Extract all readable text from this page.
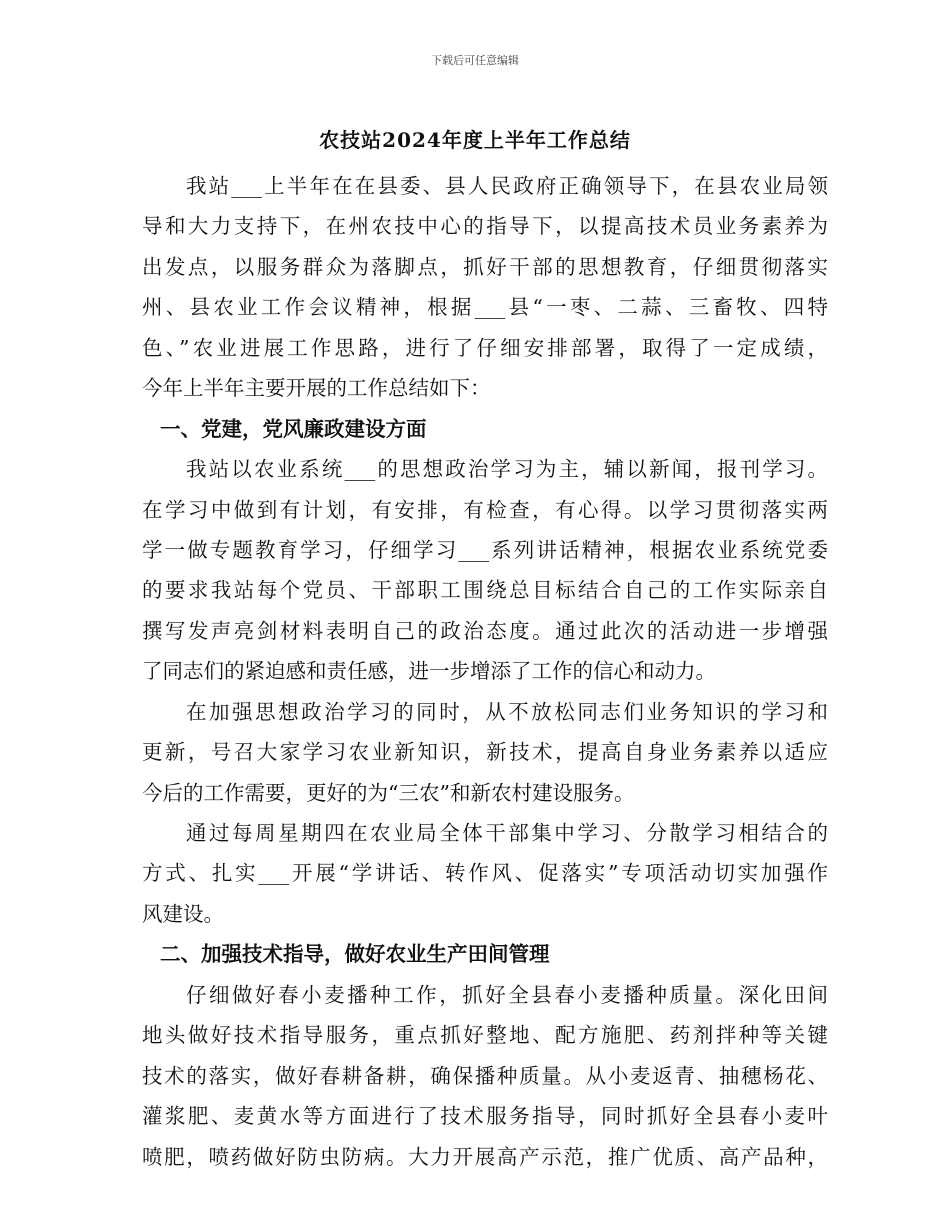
下载后可任意编辑
农技站2024年度上半年工作总结
我站___上半年在在县委、县人民政府正确领导下，在县农业局领
导和大力支持下，在州农技中心的指导下，以提高技术员业务素养为
出发点，以服务群众为落脚点，抓好干部的思想教育，仔细贯彻落实
州、县农业工作会议精神，根据___县“一枣、二蒜、三畜牧、四特
色、”农业进展工作思路，进行了仔细安排部署，取得了一定成绩，
今年上半年主要开展的工作总结如下：
一、党建，党风廉政建设方面
我站以农业系统___的思想政治学习为主，辅以新闻，报刊学习。
在学习中做到有计划，有安排，有检查，有心得。以学习贯彻落实两
学一做专题教育学习，仔细学习___系列讲话精神，根据农业系统党委
的要求我站每个党员、干部职工围绕总目标结合自己的工作实际亲自
撰写发声亮剑材料表明自己的政治态度。通过此次的活动进一步增强
了同志们的紧迫感和责任感，进一步增添了工作的信心和动力。
在加强思想政治学习的同时，从不放松同志们业务知识的学习和
更新，号召大家学习农业新知识，新技术，提高自身业务素养以适应
今后的工作需要，更好的为“三农”和新农村建设服务。
通过每周星期四在农业局全体干部集中学习、分散学习相结合的
方式、扎实___开展“学讲话、转作风、促落实”专项活动切实加强作
风建设。
二、加强技术指导，做好农业生产田间管理
仔细做好春小麦播种工作，抓好全县春小麦播种质量。深化田间
地头做好技术指导服务，重点抓好整地、配方施肥、药剂拌种等关键
技术的落实，做好春耕备耕，确保播种质量。从小麦返青、抽穗杨花、
灌浆肥、麦黄水等方面进行了技术服务指导，同时抓好全县春小麦叶
喷肥，喷药做好防虫防病。大力开展高产示范，推广优质、高产品种，
